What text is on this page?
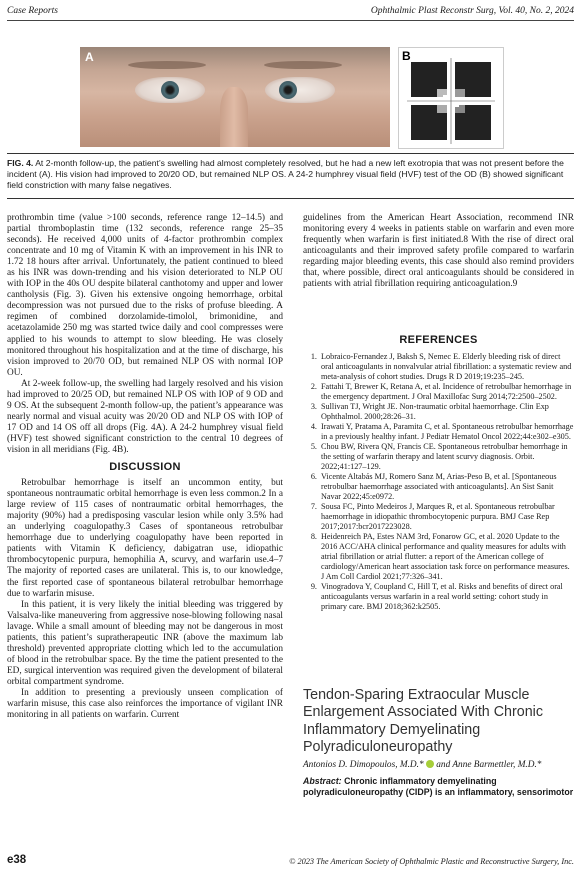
Case Reports	Ophthalmic Plast Reconstr Surg, Vol. 40, No. 2, 2024
A	B
FIG. 4. At 2-month follow-up, the patient’s swelling had almost completely resolved, but he had a new left exotropia that was not present before the incident (A). His vision had improved to 20/20 OD, but remained NLP OS. A 24-2 humphrey visual field (HVF) test of the OD (B) showed significant field constriction with many false negatives.

prothrombin time (value >100 seconds, reference range 12–14.5) and partial thromboplastin time (132 seconds, reference range 25–35 seconds). He received 4,000 units of 4-factor prothrombin complex concentrate and 10 mg of Vitamin K with an improvement in his INR to 1.72 18 hours after arrival. Unfortunately, the patient continued to bleed as his INR was down-trending and his vision deteriorated to NLP OU with IOP in the 40s OU despite bilateral canthotomy and upper and lower cantholysis (Fig. 3). Given his extensive ongoing hemorrhage, orbital decompression was not pursued due to the risks of profuse bleeding. A regimen of combined dorzolamide-timolol, brimonidine, and acetazolamide 250 mg was started twice daily and cool compresses were applied to his wounds to attempt to slow bleeding. He was closely monitored throughout his hospitalization and at the time of discharge, his vision improved to 20/70 OD, but remained NLP OS with normal IOP OU.

At 2-week follow-up, the swelling had largely resolved and his vision had improved to 20/25 OD, but remained NLP OS with IOP of 9 OD and 9 OS. At the subsequent 2-month follow-up, the patient’s appearance was nearly normal and visual acuity was 20/20 OD and NLP OS with IOP of 17 OD and 14 OS off all drops (Fig. 4A). A 24-2 humphrey visual field (HVF) test showed significant constriction to the central 10 degrees of vision in all meridians (Fig. 4B).

DISCUSSION

Retrobulbar hemorrhage is itself an uncommon entity, but spontaneous nontraumatic orbital hemorrhage is even less common.2 In a large review of 115 cases of nontraumatic orbital hemorrhages, the majority (90%) had a predisposing vascular lesion while only 3.5% had an underlying coagulopathy.3 Cases of spontaneous retrobulbar hemorrhage due to underlying coagulopathy have been reported in patients with Vitamin K deficiency, dabigatran use, idiopathic thrombocytopenic purpura, hemophilia A, scurvy, and warfarin use.4–7 The majority of reported cases are unilateral. This is, to our knowledge, the first reported case of spontaneous bilateral retrobulbar hemorrhage due to warfarin misuse.

In this patient, it is very likely the initial bleeding was triggered by Valsalva-like maneuvering from aggressive nose-blowing following nasal lavage. While a small amount of bleeding may not be dangerous in most patients, this patient’s supratherapeutic INR (above the maximum lab threshold) prevented appropriate clotting which led to the accumulation of blood in the retrobulbar space. By the time the patient presented to the ED, surgical intervention was required given the development of bilateral orbital compartment syndrome.

In addition to presenting a previously unseen complication of warfarin misuse, this case also reinforces the importance of vigilant INR monitoring in all patients on warfarin. Current

guidelines from the American Heart Association, recommend INR monitoring every 4 weeks in patients stable on warfarin and even more frequently when warfarin is first initiated.8 With the rise of direct oral anticoagulants and their improved safety profile compared to warfarin regarding major bleeding events, this case should also remind providers that, where possible, direct oral anticoagulants should be considered in patients with atrial fibrillation requiring anticoagulation.9

REFERENCES
1. Lobraico-Fernandez J, Baksh S, Nemec E. Elderly bleeding risk of direct oral anticoagulants in nonvalvular atrial fibrillation: a systematic review and meta-analysis of cohort studies. Drugs R D 2019;19:235–245.
2. Fattahi T, Brewer K, Retana A, et al. Incidence of retrobulbar hemorrhage in the emergency department. J Oral Maxillofac Surg 2014;72:2500–2502.
3. Sullivan TJ, Wright JE. Non-traumatic orbital haemorrhage. Clin Exp Ophthalmol. 2000;28:26–31.
4. Irawati Y, Pratama A, Paramita C, et al. Spontaneous retrobulbar hemorrhage in a previously healthy infant. J Pediatr Hematol Oncol 2022;44:e302–e305.
5. Chou BW, Rivera QN, Francis CE. Spontaneous retrobulbar hemorrhage in the setting of warfarin therapy and latent scurvy diagnosis. Orbit. 2022;41:127–129.
6. Vicente Altabás MJ, Romero Sanz M, Arias-Peso B, et al. [Spontaneous retrobulbar haemorrhage associated with anticoagulants]. An Sist Sanit Navar 2022;45:e0972.
7. Sousa FC, Pinto Medeiros J, Marques R, et al. Spontaneous retrobulbar haemorrhage in idiopathic thrombocytopenic purpura. BMJ Case Rep 2017;2017:bcr2017223028.
8. Heidenreich PA, Estes NAM 3rd, Fonarow GC, et al. 2020 Update to the 2016 ACC/AHA clinical performance and quality measures for adults with atrial fibrillation or atrial flutter: a report of the American college of cardiology/American heart association task force on performance measures. J Am Coll Cardiol 2021;77:326–341.
9. Vinogradova Y, Coupland C, Hill T, et al. Risks and benefits of direct oral anticoagulants versus warfarin in a real world setting: cohort study in primary care. BMJ 2018;362:k2505.
Tendon-Sparing Extraocular Muscle Enlargement Associated With Chronic Inflammatory Demyelinating Polyradiculoneuropathy
Antonios D. Dimopoulos, M.D.*  and Anne Barmettler, M.D.*
Abstract: Chronic inflammatory demyelinating polyradiculoneuropathy (CIDP) is an inflammatory, sensorimotor
e38	© 2023 The American Society of Ophthalmic Plastic and Reconstructive Surgery, Inc.
